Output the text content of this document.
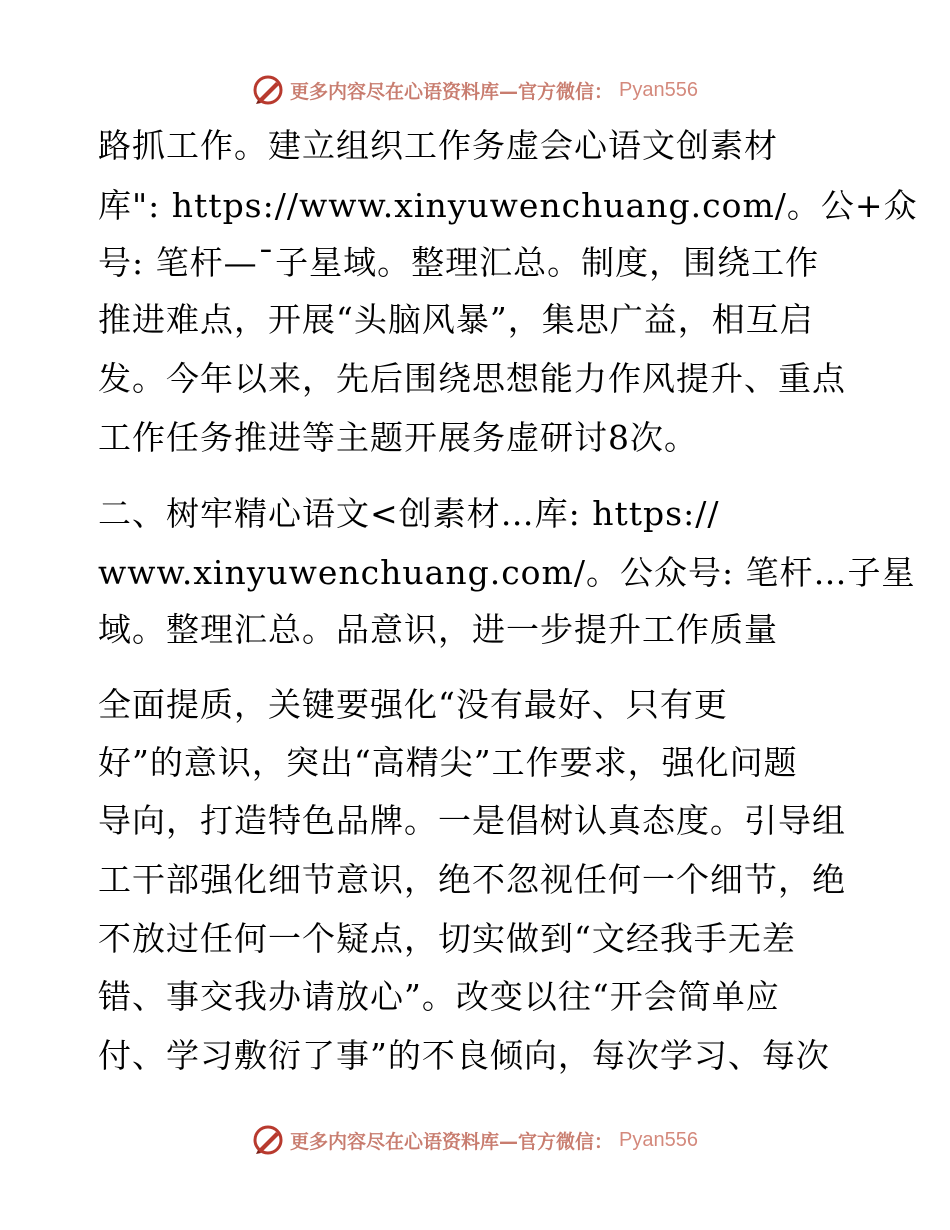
更多内容尽在心语资料库—官方微信： Pyan556
路抓工作。建立组织工作务虚会心语文创素材
库": https://www.xinyuwenchuang.com/。公+众
号: 笔杆—¯子星域。整理汇总。制度，围绕工作
推进难点，开展“头脑风暴”，集思广益，相互启
发。今年以来，先后围绕思想能力作风提升、重点
工作任务推进等主题开展务虚研讨8次。
二、树牢精心语文<创素材…库: https://
www.xinyuwenchuang.com/。公众号: 笔杆…子星
域。整理汇总。品意识，进一步提升工作质量
全面提质，关键要强化“没有最好、只有更
好”的意识，突出“高精尖”工作要求，强化问题
导向，打造特色品牌。一是倡树认真态度。引导组
工干部强化细节意识，绝不忽视任何一个细节，绝
不放过任何一个疑点，切实做到“文经我手无差
错、事交我办请放心”。改变以往“开会简单应
付、学习敷衍了事”的不良倾向，每次学习、每次
更多内容尽在心语资料库—官方微信： Pyan556
